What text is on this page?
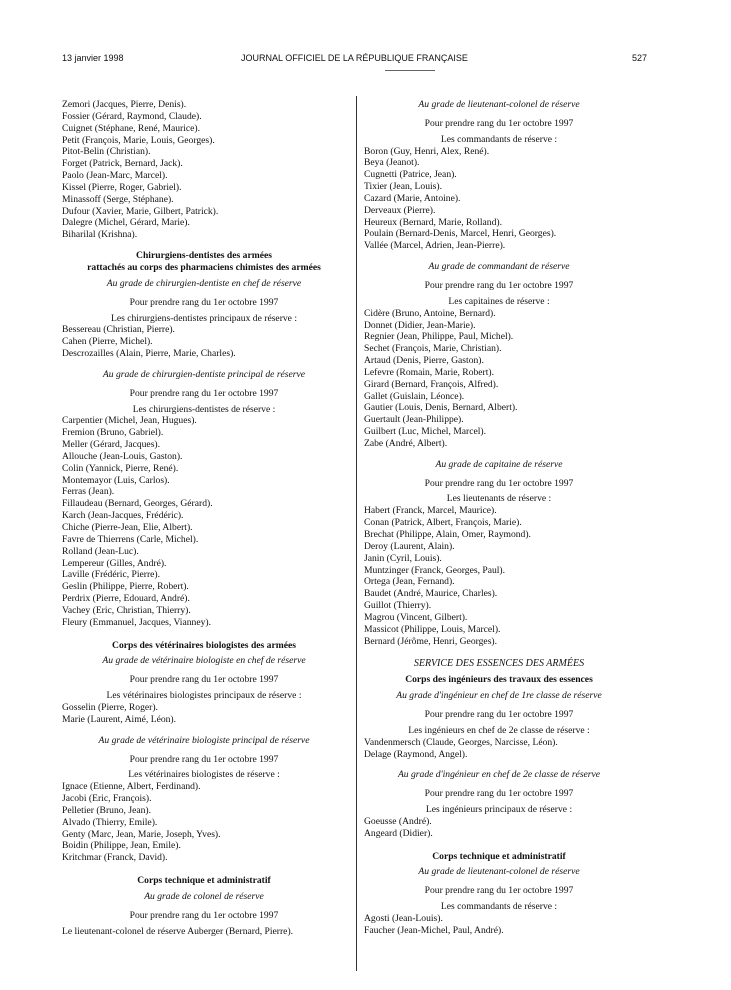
13 janvier 1998	JOURNAL OFFICIEL DE LA RÉPUBLIQUE FRANÇAISE	527

Zemori (Jacques, Pierre, Denis).

Fossier (Gérard, Raymond, Claude).

Cuignet (Stéphane, René, Maurice).

Petit (François, Marie, Louis, Georges).

Pitot-Belin (Christian).

Forget (Patrick, Bernard, Jack).

Paolo (Jean-Marc, Marcel).

Kissel (Pierre, Roger, Gabriel).

Minassoff (Serge, Stéphane).

Dufour (Xavier, Marie, Gilbert, Patrick).

Dalegre (Michel, Gérard, Marie).

Biharilal (Krishna).

Chirurgiens-dentistes des armées

rattachés au corps des pharmaciens chimistes des armées

Au grade de chirurgien-dentiste en chef de réserve

Pour prendre rang du 1er octobre 1997

Les chirurgiens-dentistes principaux de réserve :

Bessereau (Christian, Pierre).

Cahen (Pierre, Michel).

Descrozailles (Alain, Pierre, Marie, Charles).

Au grade de chirurgien-dentiste principal de réserve

Pour prendre rang du 1er octobre 1997

Les chirurgiens-dentistes de réserve :

Carpentier (Michel, Jean, Hugues).

Fremion (Bruno, Gabriel).

Meller (Gérard, Jacques).

Allouche (Jean-Louis, Gaston).

Colin (Yannick, Pierre, René).

Montemayor (Luis, Carlos).

Ferras (Jean).

Fillaudeau (Bernard, Georges, Gérard).

Karch (Jean-Jacques, Frédéric).

Chiche (Pierre-Jean, Elie, Albert).

Favre de Thierrens (Carle, Michel).

Rolland (Jean-Luc).

Lempereur (Gilles, André).

Laville (Frédéric, Pierre).

Geslin (Philippe, Pierre, Robert).

Perdrix (Pierre, Edouard, André).

Vachey (Eric, Christian, Thierry).

Fleury (Emmanuel, Jacques, Vianney).

Corps des vétérinaires biologistes des armées

Au grade de vétérinaire biologiste en chef de réserve

Pour prendre rang du 1er octobre 1997

Les vétérinaires biologistes principaux de réserve :

Gosselin (Pierre, Roger).

Marie (Laurent, Aimé, Léon).

Au grade de vétérinaire biologiste principal de réserve

Pour prendre rang du 1er octobre 1997

Les vétérinaires biologistes de réserve :

Ignace (Etienne, Albert, Ferdinand).

Jacobi (Eric, François).

Pelletier (Bruno, Jean).

Alvado (Thierry, Emile).

Genty (Marc, Jean, Marie, Joseph, Yves).

Boidin (Philippe, Jean, Emile).

Kritchmar (Franck, David).

Corps technique et administratif

Au grade de colonel de réserve

Pour prendre rang du 1er octobre 1997

Le lieutenant-colonel de réserve Auberger (Bernard, Pierre).

Au grade de lieutenant-colonel de réserve

Pour prendre rang du 1er octobre 1997

Les commandants de réserve :

Boron (Guy, Henri, Alex, René).

Beya (Jeanot).

Cugnetti (Patrice, Jean).

Tixier (Jean, Louis).

Cazard (Marie, Antoine).

Derveaux (Pierre).

Heureux (Bernard, Marie, Rolland).

Poulain (Bernard-Denis, Marcel, Henri, Georges).

Vallée (Marcel, Adrien, Jean-Pierre).

Au grade de commandant de réserve

Pour prendre rang du 1er octobre 1997

Les capitaines de réserve :

Cidère (Bruno, Antoine, Bernard).

Donnet (Didier, Jean-Marie).

Regnier (Jean, Philippe, Paul, Michel).

Sechet (François, Marie, Christian).

Artaud (Denis, Pierre, Gaston).

Lefevre (Romain, Marie, Robert).

Girard (Bernard, François, Alfred).

Gallet (Guislain, Léonce).

Gautier (Louis, Denis, Bernard, Albert).

Guertault (Jean-Philippe).

Guilbert (Luc, Michel, Marcel).

Zabe (André, Albert).

Au grade de capitaine de réserve

Pour prendre rang du 1er octobre 1997

Les lieutenants de réserve :

Habert (Franck, Marcel, Maurice).

Conan (Patrick, Albert, François, Marie).

Brechat (Philippe, Alain, Omer, Raymond).

Deroy (Laurent, Alain).

Janin (Cyril, Louis).

Muntzinger (Franck, Georges, Paul).

Ortega (Jean, Fernand).

Baudet (André, Maurice, Charles).

Guillot (Thierry).

Magrou (Vincent, Gilbert).

Massicot (Philippe, Louis, Marcel).

Bernard (Jérôme, Henri, Georges).

SERVICE DES ESSENCES DES ARMÉES

Corps des ingénieurs des travaux des essences

Au grade d'ingénieur en chef de 1re classe de réserve

Pour prendre rang du 1er octobre 1997

Les ingénieurs en chef de 2e classe de réserve :

Vandenmersch (Claude, Georges, Narcisse, Léon).

Delage (Raymond, Angel).

Au grade d'ingénieur en chef de 2e classe de réserve

Pour prendre rang du 1er octobre 1997

Les ingénieurs principaux de réserve :

Goeusse (André).

Angeard (Didier).

Corps technique et administratif

Au grade de lieutenant-colonel de réserve

Pour prendre rang du 1er octobre 1997

Les commandants de réserve :

Agosti (Jean-Louis).

Faucher (Jean-Michel, Paul, André).
